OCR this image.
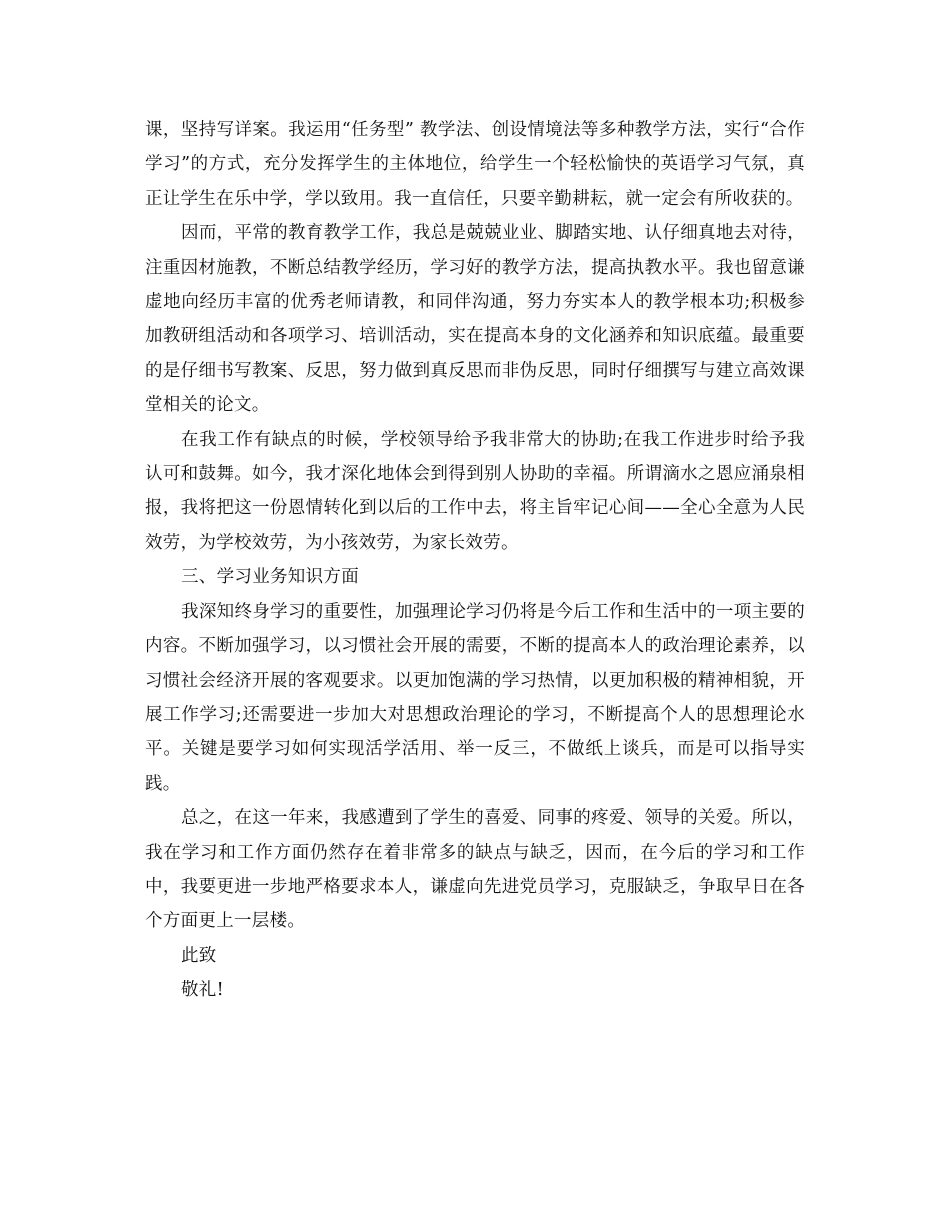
课，坚持写详案。我运用“任务型” 教学法、创设情境法等多种教学方法，实行“合作学习”的方式，充分发挥学生的主体地位，给学生一个轻松愉快的英语学习气氛，真正让学生在乐中学，学以致用。我一直信任，只要辛勤耕耘，就一定会有所收获的。

因而，平常的教育教学工作，我总是兢兢业业、脚踏实地、认仔细真地去对待，注重因材施教，不断总结教学经历，学习好的教学方法，提高执教水平。我也留意谦虚地向经历丰富的优秀老师请教，和同伴沟通，努力夯实本人的教学根本功;积极参加教研组活动和各项学习、培训活动，实在提高本身的文化涵养和知识底蕴。最重要的是仔细书写教案、反思，努力做到真反思而非伪反思，同时仔细撰写与建立高效课堂相关的论文。

在我工作有缺点的时候，学校领导给予我非常大的协助;在我工作进步时给予我认可和鼓舞。如今，我才深化地体会到得到别人协助的幸福。所谓滴水之恩应涌泉相报，我将把这一份恩情转化到以后的工作中去，将主旨牢记心间——全心全意为人民效劳，为学校效劳，为小孩效劳，为家长效劳。

三、学习业务知识方面

我深知终身学习的重要性，加强理论学习仍将是今后工作和生活中的一项主要的内容。不断加强学习，以习惯社会开展的需要，不断的提高本人的政治理论素养，以习惯社会经济开展的客观要求。以更加饱满的学习热情，以更加积极的精神相貌，开展工作学习;还需要进一步加大对思想政治理论的学习，不断提高个人的思想理论水平。关键是要学习如何实现活学活用、举一反三，不做纸上谈兵，而是可以指导实践。

总之，在这一年来，我感遭到了学生的喜爱、同事的疼爱、领导的关爱。所以，我在学习和工作方面仍然存在着非常多的缺点与缺乏，因而，在今后的学习和工作中，我要更进一步地严格要求本人，谦虚向先进党员学习，克服缺乏，争取早日在各个方面更上一层楼。

此致

敬礼!
